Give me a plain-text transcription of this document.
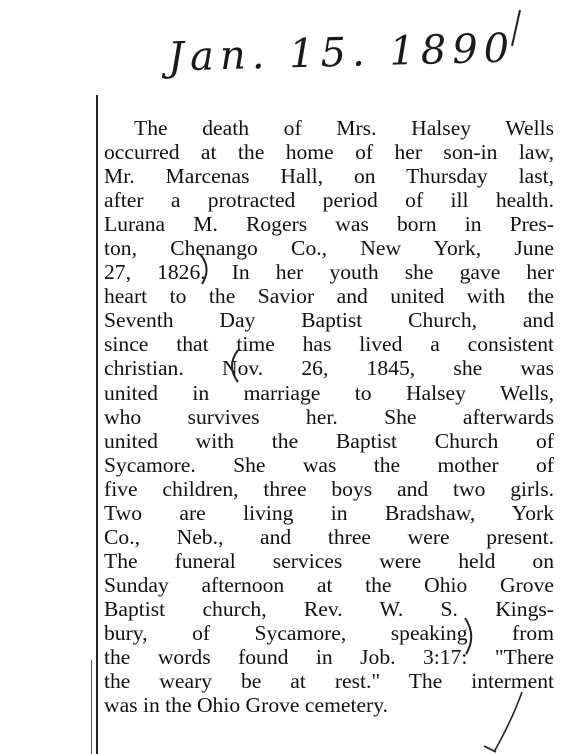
Jan. 15. 1890
The death of Mrs. Halsey Wells
occurred at the home of her son-in law,
Mr. Marcenas Hall, on Thursday last,
after a protracted period of ill health.
Lurana M. Rogers was born in Pres-
ton, Chenango Co., New York, June
27, 1826. In her youth she gave her
heart to the Savior and united with the
Seventh Day Baptist Church, and
since that time has lived a consistent
christian. Nov. 26, 1845, she was
united in marriage to Halsey Wells,
who survives her. She afterwards
united with the Baptist Church of
Sycamore. She was the mother of
five children, three boys and two girls.
Two are living in Bradshaw, York
Co., Neb., and three were present.
The funeral services were held on
Sunday afternoon at the Ohio Grove
Baptist church, Rev. W. S. Kings-
bury, of Sycamore, speaking from
the words found in Job. 3:17: "There
the weary be at rest." The interment
was in the Ohio Grove cemetery.
